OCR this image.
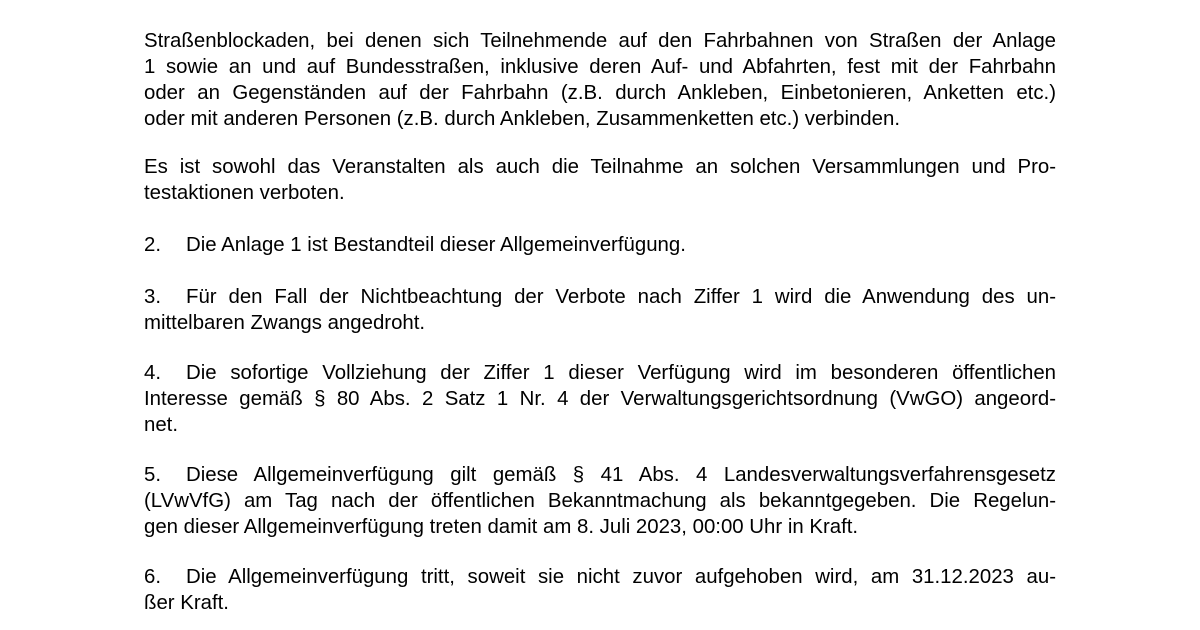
Straßenblockaden, bei denen sich Teilnehmende auf den Fahrbahnen von Straßen der Anlage

1 sowie an und auf Bundesstraßen, inklusive deren Auf- und Abfahrten, fest mit der Fahrbahn

oder an Gegenständen auf der Fahrbahn (z.B. durch Ankleben, Einbetonieren, Anketten etc.)

oder mit anderen Personen (z.B. durch Ankleben, Zusammenketten etc.) verbinden.

Es ist sowohl das Veranstalten als auch die Teilnahme an solchen Versammlungen und Pro-

testaktionen verboten.

2. Die Anlage 1 ist Bestandteil dieser Allgemeinverfügung.

3. Für den Fall der Nichtbeachtung der Verbote nach Ziffer 1 wird die Anwendung des un-

mittelbaren Zwangs angedroht.

4. Die sofortige Vollziehung der Ziffer 1 dieser Verfügung wird im besonderen öffentlichen

Interesse gemäß § 80 Abs. 2 Satz 1 Nr. 4 der Verwaltungsgerichtsordnung (VwGO) angeord-

net.

5. Diese Allgemeinverfügung gilt gemäß § 41 Abs. 4 Landesverwaltungsverfahrensgesetz

(LVwVfG) am Tag nach der öffentlichen Bekanntmachung als bekanntgegeben. Die Regelun-

gen dieser Allgemeinverfügung treten damit am 8. Juli 2023, 00:00 Uhr in Kraft.

6. Die Allgemeinverfügung tritt, soweit sie nicht zuvor aufgehoben wird, am 31.12.2023 au-

ßer Kraft.
